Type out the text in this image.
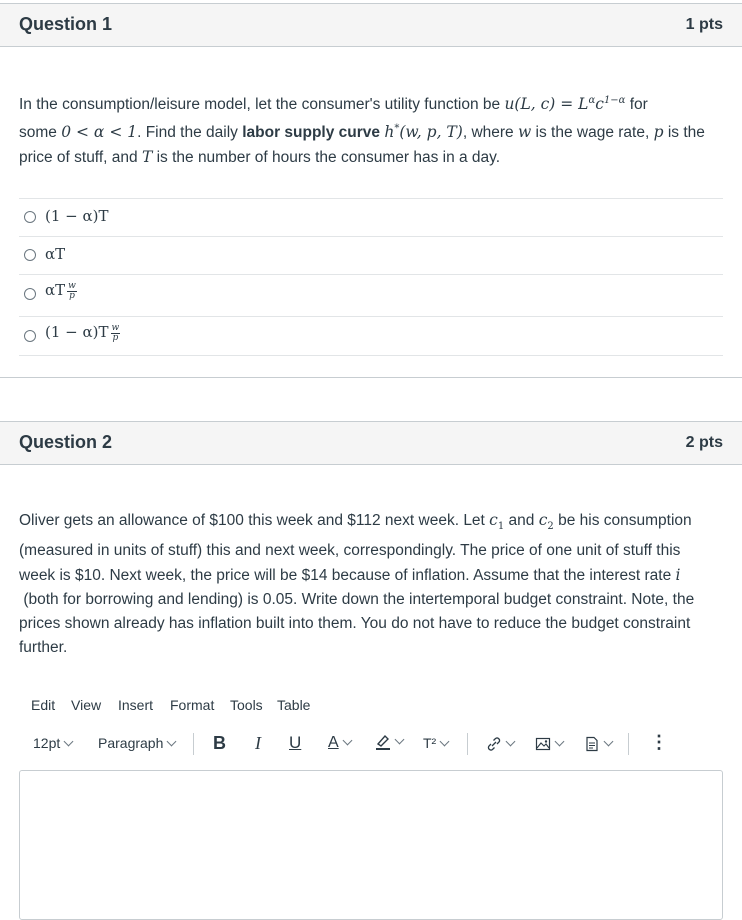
Question 1	1 pts
In the consumption/leisure model, let the consumer's utility function be u(L, $c) = L^\alpha c^{1-\alpha}$ for
some 0 < α < 1. Find the daily labor supply curve h*(w, p, T), where w is the wage rate, p is the
price of stuff, and T is the number of hours the consumer has in a day.
(1 − α)T
αT
αT $\frac{w}{p}$
$(1 - \alpha)T \frac{w}{p}$
Question 2	2 pts
Oliver gets an allowance of $100 this week and $112 next week. Let $c_1$ and $c_2$ be his consumption
(measured in units of stuff) this and next week, correspondingly. The price of one unit of stuff this
week is $10. Next week, the price will be $14 because of inflation. Assume that the interest rate i
(both for borrowing and lending) is 0.05. Write down the intertemporal budget constraint. Note, the
prices shown already has inflation built into them. You do not have to reduce the budget constraint
further.
Edit View Insert Format Tools Table
12pt	Paragraph	B I U A	T²	⋮
